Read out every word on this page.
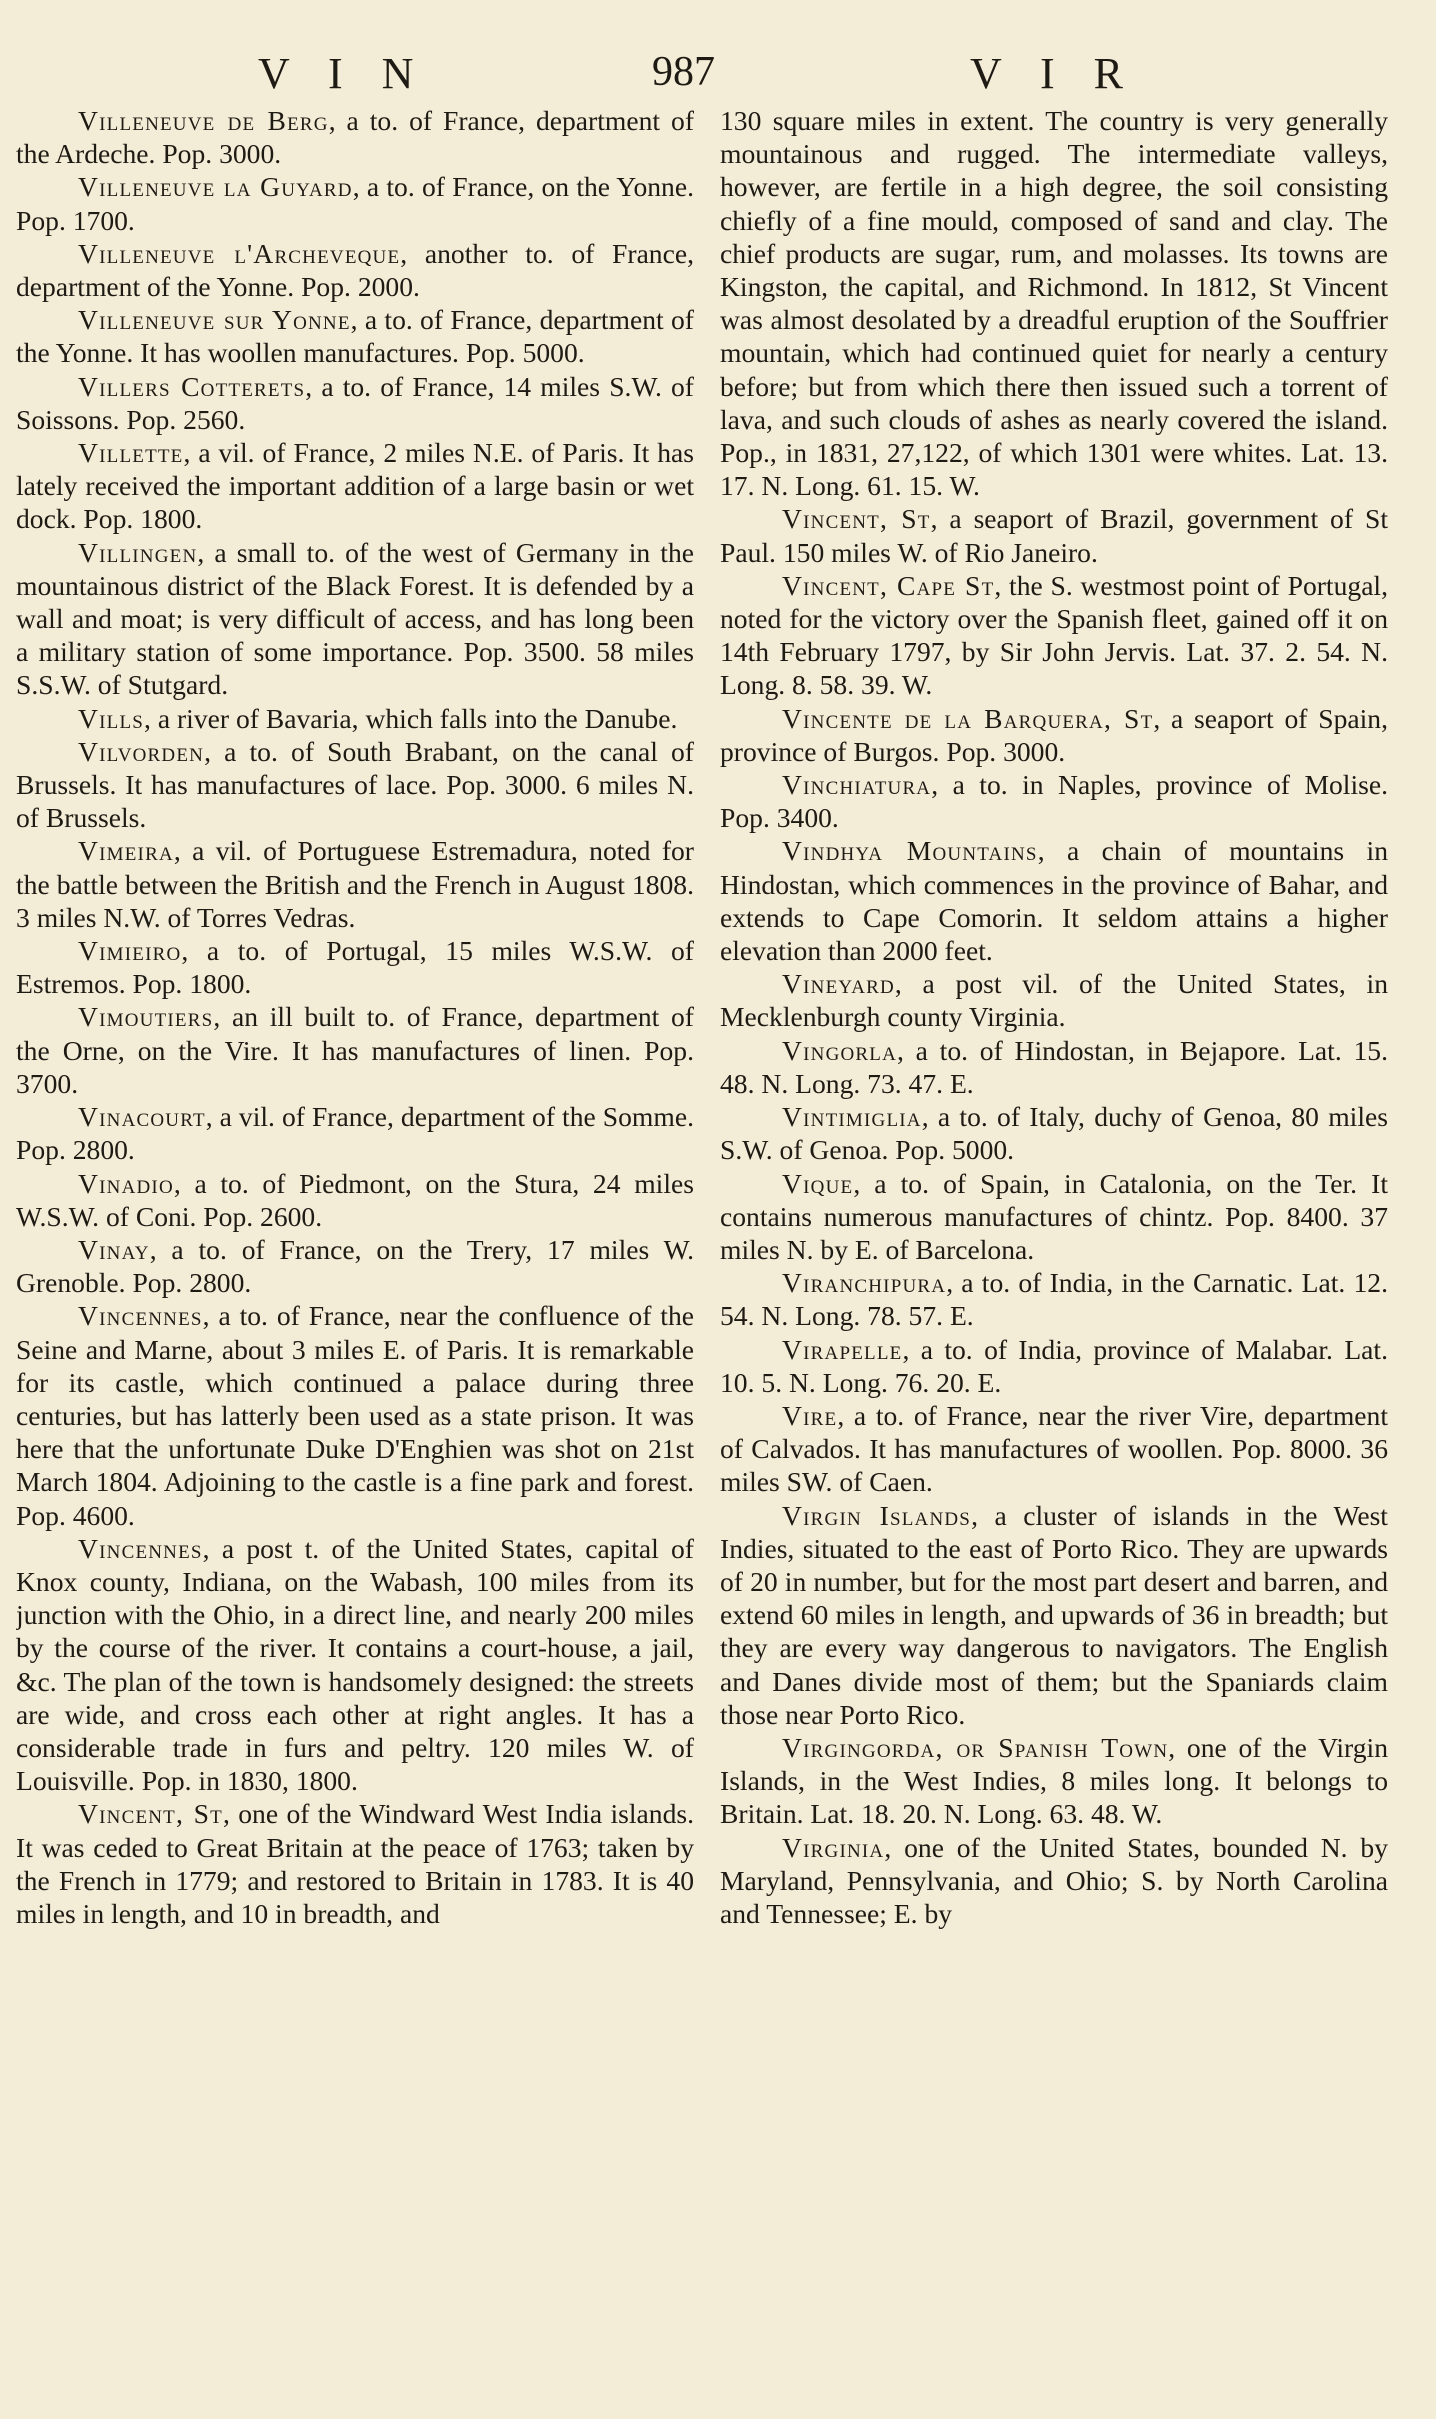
V I N	987	V I R

Villeneuve de Berg, a to. of France, department of the Ardeche. Pop. 3000.

Villeneuve la Guyard, a to. of France, on the Yonne. Pop. 1700.

Villeneuve l'Archeveque, another to. of France, department of the Yonne. Pop. 2000.

Villeneuve sur Yonne, a to. of France, department of the Yonne. It has woollen manufactures. Pop. 5000.

Villers Cotterets, a to. of France, 14 miles S.W. of Soissons. Pop. 2560.

Villette, a vil. of France, 2 miles N.E. of Paris. It has lately received the important addition of a large basin or wet dock. Pop. 1800.

Villingen, a small to. of the west of Germany in the mountainous district of the Black Forest. It is defended by a wall and moat; is very difficult of access, and has long been a military station of some importance. Pop. 3500. 58 miles S.S.W. of Stutgard.

Vills, a river of Bavaria, which falls into the Danube.

Vilvorden, a to. of South Brabant, on the canal of Brussels. It has manufactures of lace. Pop. 3000. 6 miles N. of Brussels.

Vimeira, a vil. of Portuguese Estremadura, noted for the battle between the British and the French in August 1808. 3 miles N.W. of Torres Vedras.

Vimieiro, a to. of Portugal, 15 miles W.S.W. of Estremos. Pop. 1800.

Vimoutiers, an ill built to. of France, department of the Orne, on the Vire. It has manufactures of linen. Pop. 3700.

Vinacourt, a vil. of France, department of the Somme. Pop. 2800.

Vinadio, a to. of Piedmont, on the Stura, 24 miles W.S.W. of Coni. Pop. 2600.

Vinay, a to. of France, on the Trery, 17 miles W. Grenoble. Pop. 2800.

Vincennes, a to. of France, near the confluence of the Seine and Marne, about 3 miles E. of Paris. It is remarkable for its castle, which continued a palace during three centuries, but has latterly been used as a state prison. It was here that the unfortunate Duke D'Enghien was shot on 21st March 1804. Adjoining to the castle is a fine park and forest. Pop. 4600.

Vincennes, a post t. of the United States, capital of Knox county, Indiana, on the Wabash, 100 miles from its junction with the Ohio, in a direct line, and nearly 200 miles by the course of the river. It contains a court-house, a jail, &c. The plan of the town is handsomely designed: the streets are wide, and cross each other at right angles. It has a considerable trade in furs and peltry. 120 miles W. of Louisville. Pop. in 1830, 1800.

Vincent, St, one of the Windward West India islands. It was ceded to Great Britain at the peace of 1763; taken by the French in 1779; and restored to Britain in 1783. It is 40 miles in length, and 10 in breadth, and

130 square miles in extent. The country is very generally mountainous and rugged. The intermediate valleys, however, are fertile in a high degree, the soil consisting chiefly of a fine mould, composed of sand and clay. The chief products are sugar, rum, and molasses. Its towns are Kingston, the capital, and Richmond. In 1812, St Vincent was almost desolated by a dreadful eruption of the Souffrier mountain, which had continued quiet for nearly a century before; but from which there then issued such a torrent of lava, and such clouds of ashes as nearly covered the island. Pop., in 1831, 27,122, of which 1301 were whites. Lat. 13. 17. N. Long. 61. 15. W.

Vincent, St, a seaport of Brazil, government of St Paul. 150 miles W. of Rio Janeiro.

Vincent, Cape St, the S. westmost point of Portugal, noted for the victory over the Spanish fleet, gained off it on 14th February 1797, by Sir John Jervis. Lat. 37. 2. 54. N. Long. 8. 58. 39. W.

Vincente de la Barquera, St, a seaport of Spain, province of Burgos. Pop. 3000.

Vinchiatura, a to. in Naples, province of Molise. Pop. 3400.

Vindhya Mountains, a chain of mountains in Hindostan, which commences in the province of Bahar, and extends to Cape Comorin. It seldom attains a higher elevation than 2000 feet.

Vineyard, a post vil. of the United States, in Mecklenburgh county Virginia.

Vingorla, a to. of Hindostan, in Bejapore. Lat. 15. 48. N. Long. 73. 47. E.

Vintimiglia, a to. of Italy, duchy of Genoa, 80 miles S.W. of Genoa. Pop. 5000.

Vique, a to. of Spain, in Catalonia, on the Ter. It contains numerous manufactures of chintz. Pop. 8400. 37 miles N. by E. of Barcelona.

Viranchipura, a to. of India, in the Carnatic. Lat. 12. 54. N. Long. 78. 57. E.

Virapelle, a to. of India, province of Malabar. Lat. 10. 5. N. Long. 76. 20. E.

Vire, a to. of France, near the river Vire, department of Calvados. It has manufactures of woollen. Pop. 8000. 36 miles SW. of Caen.

Virgin Islands, a cluster of islands in the West Indies, situated to the east of Porto Rico. They are upwards of 20 in number, but for the most part desert and barren, and extend 60 miles in length, and upwards of 36 in breadth; but they are every way dangerous to navigators. The English and Danes divide most of them; but the Spaniards claim those near Porto Rico.

Virgingorda, or Spanish Town, one of the Virgin Islands, in the West Indies, 8 miles long. It belongs to Britain. Lat. 18. 20. N. Long. 63. 48. W.

Virginia, one of the United States, bounded N. by Maryland, Pennsylvania, and Ohio; S. by North Carolina and Tennessee; E. by
